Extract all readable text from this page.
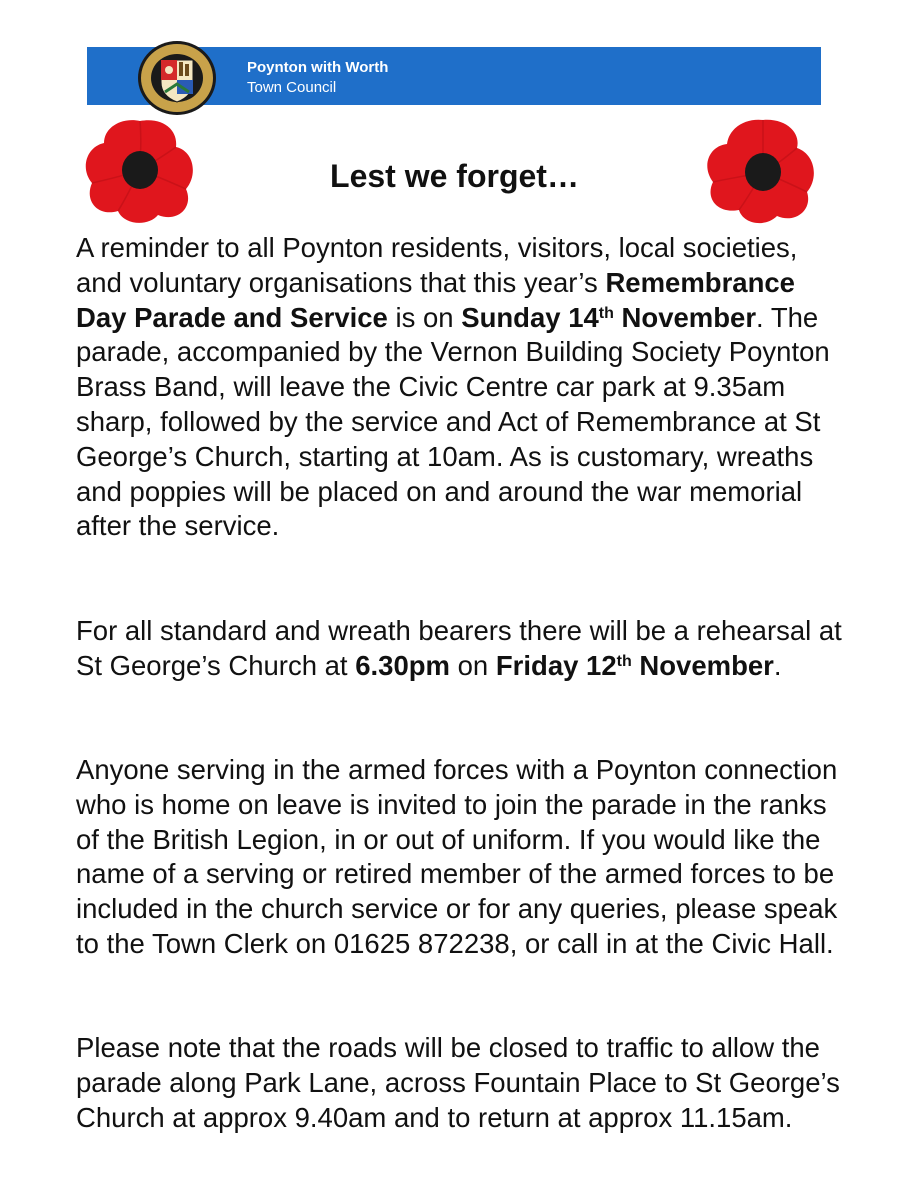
Poynton with Worth
Town Council
Lest we forget…

A reminder to all Poynton residents, visitors, local societies, and voluntary organisations that this year’s Remembrance Day Parade and Service is on Sunday 14th November. The parade, accompanied by the Vernon Building Society Poynton Brass Band, will leave the Civic Centre car park at 9.35am sharp, followed by the service and Act of Remembrance at St George’s Church, starting at 10am. As is customary, wreaths and poppies will be placed on and around the war memorial after the service.

For all standard and wreath bearers there will be a rehearsal at St George’s Church at 6.30pm on Friday 12th November.

Anyone serving in the armed forces with a Poynton connection who is home on leave is invited to join the parade in the ranks of the British Legion, in or out of uniform. If you would like the name of a serving or retired member of the armed forces to be included in the church service or for any queries, please speak to the Town Clerk on 01625 872238, or call in at the Civic Hall.

Please note that the roads will be closed to traffic to allow the parade along Park Lane, across Fountain Place to St George’s Church at approx 9.40am and to return at approx 11.15am.
